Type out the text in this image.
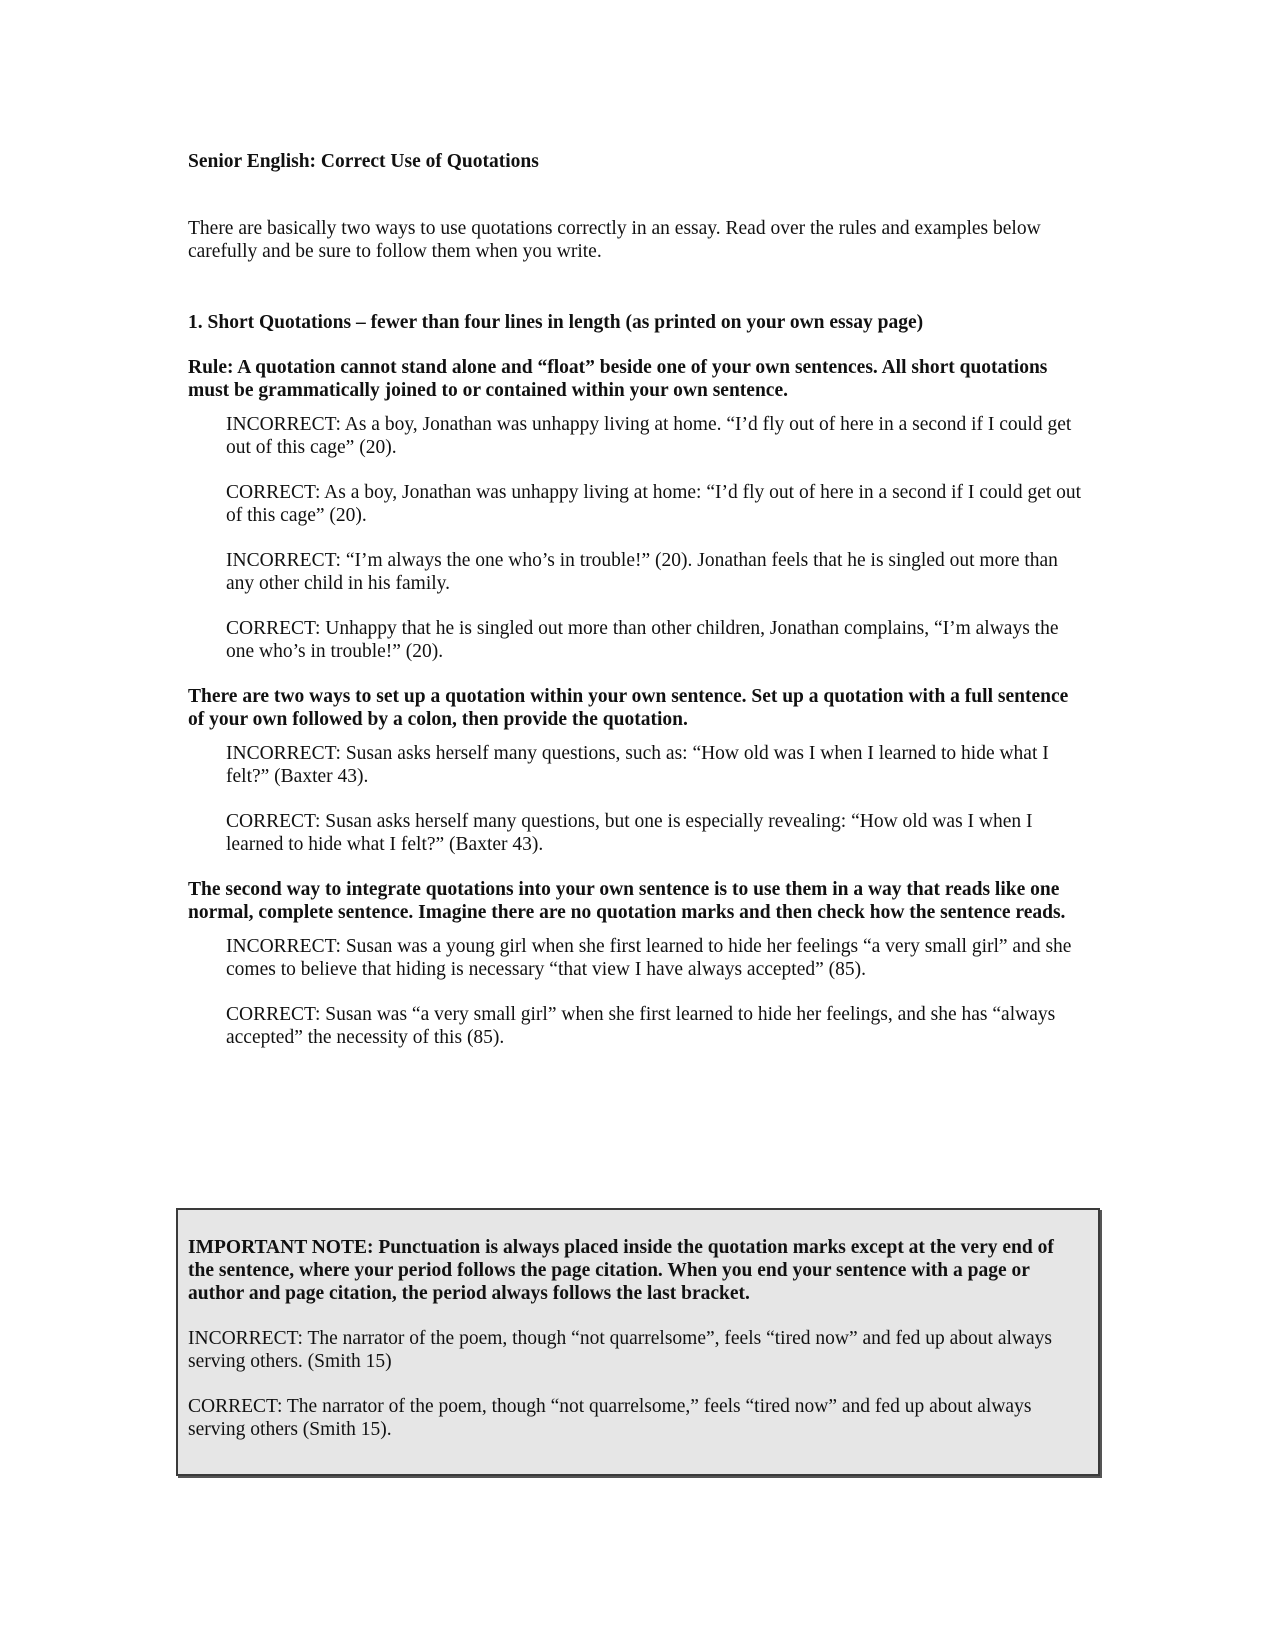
Senior English: Correct Use of Quotations

There are basically two ways to use quotations correctly in an essay. Read over the rules and examples below carefully and be sure to follow them when you write.

1. Short Quotations – fewer than four lines in length (as printed on your own essay page)

Rule: A quotation cannot stand alone and “float” beside one of your own sentences. All short quotations must be grammatically joined to or contained within your own sentence.

INCORRECT: As a boy, Jonathan was unhappy living at home. “I’d fly out of here in a second if I could get out of this cage” (20).

CORRECT: As a boy, Jonathan was unhappy living at home: “I’d fly out of here in a second if I could get out of this cage” (20).

INCORRECT: “I’m always the one who’s in trouble!” (20). Jonathan feels that he is singled out more than any other child in his family.

CORRECT: Unhappy that he is singled out more than other children, Jonathan complains, “I’m always the one who’s in trouble!” (20).

There are two ways to set up a quotation within your own sentence. Set up a quotation with a full sentence of your own followed by a colon, then provide the quotation.

INCORRECT: Susan asks herself many questions, such as: “How old was I when I learned to hide what I felt?” (Baxter 43).

CORRECT: Susan asks herself many questions, but one is especially revealing: “How old was I when I learned to hide what I felt?” (Baxter 43).

The second way to integrate quotations into your own sentence is to use them in a way that reads like one normal, complete sentence. Imagine there are no quotation marks and then check how the sentence reads.

INCORRECT: Susan was a young girl when she first learned to hide her feelings “a very small girl” and she comes to believe that hiding is necessary “that view I have always accepted” (85).

CORRECT: Susan was “a very small girl” when she first learned to hide her feelings, and she has “always accepted” the necessity of this (85).

IMPORTANT NOTE: Punctuation is always placed inside the quotation marks except at the very end of the sentence, where your period follows the page citation. When you end your sentence with a page or author and page citation, the period always follows the last bracket.

INCORRECT: The narrator of the poem, though “not quarrelsome”, feels “tired now” and fed up about always serving others. (Smith 15)

CORRECT: The narrator of the poem, though “not quarrelsome,” feels “tired now” and fed up about always serving others (Smith 15).
